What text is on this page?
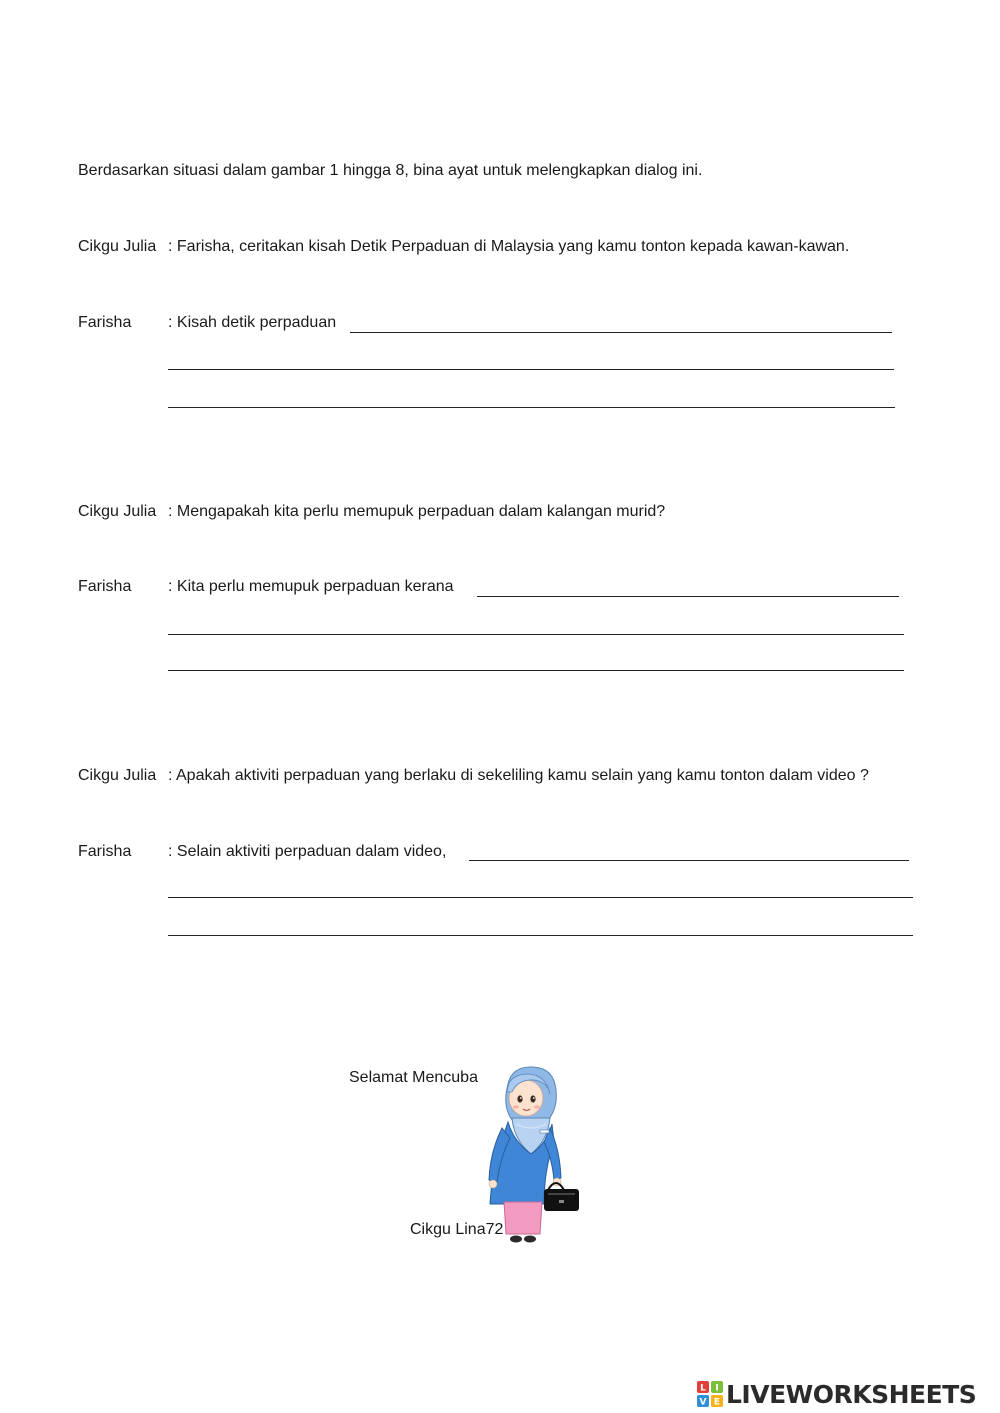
Berdasarkan situasi dalam gambar 1 hingga 8, bina ayat untuk melengkapkan dialog ini.
Cikgu Julia : Farisha, ceritakan kisah Detik Perpaduan di Malaysia yang kamu tonton kepada kawan-kawan.
Farisha : Kisah detik perpaduan
Cikgu Julia : Mengapakah kita perlu memupuk perpaduan dalam kalangan murid?
Farisha : Kita perlu memupuk perpaduan kerana
Cikgu Julia : Apakah aktiviti perpaduan yang berlaku di sekeliling kamu selain yang kamu tonton dalam video ?
Farisha : Selain aktiviti perpaduan dalam video,
Selamat Mencuba
Cikgu Lina72
L I
V E LIVEWORKSHEETS
